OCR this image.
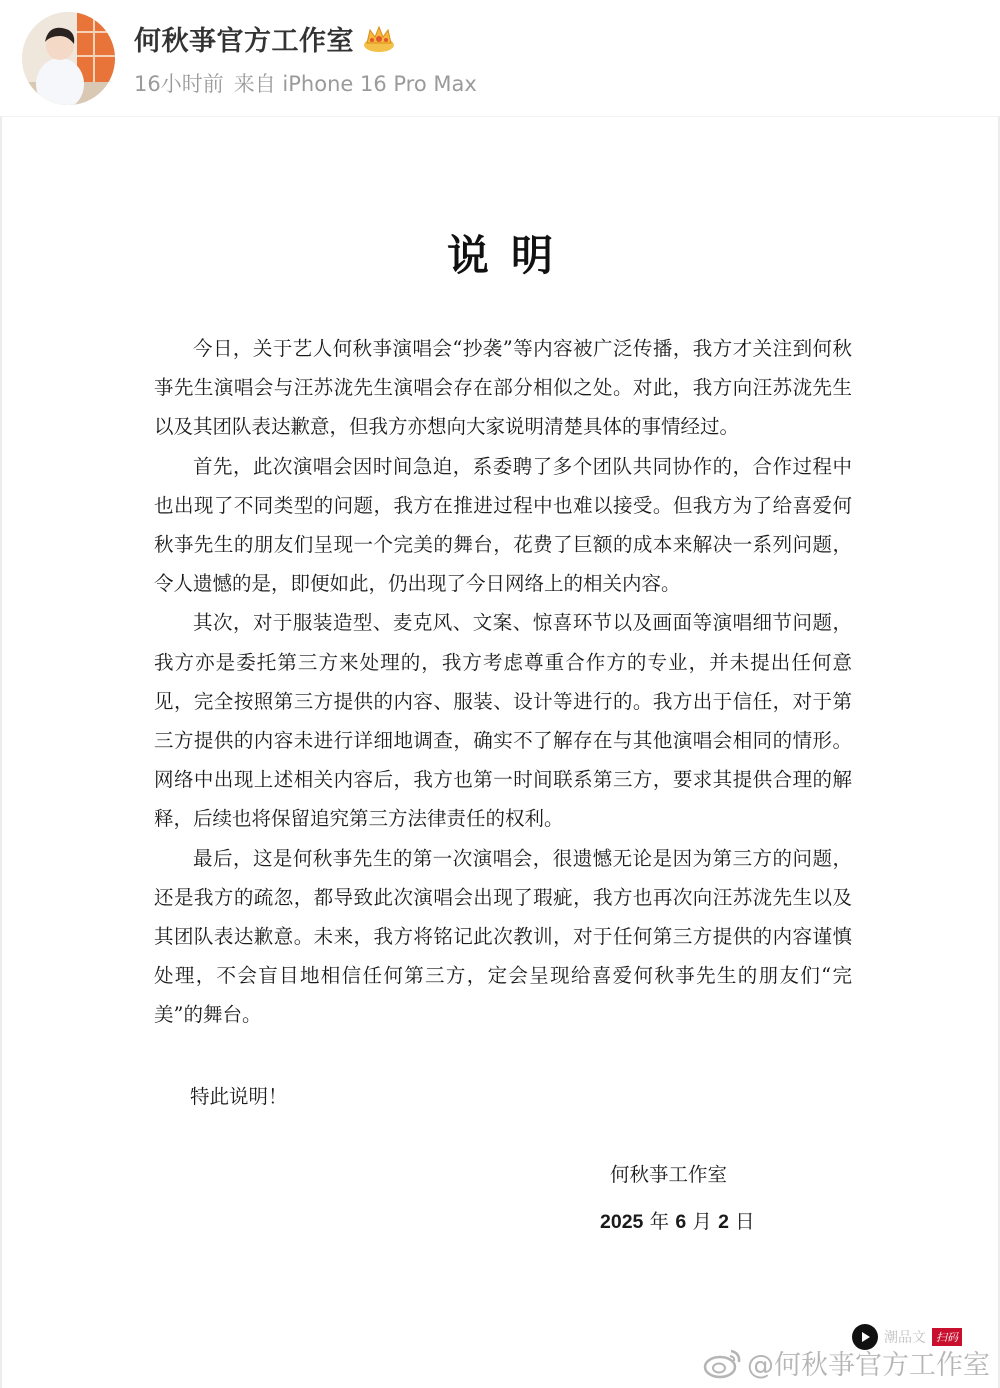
何秋亊官方工作室
16小时前 来自 iPhone 16 Pro Max
说明

今日，关于艺人何秋亊演唱会“抄袭”等内容被广泛传播，我方才关注到何秋亊先生演唱会与汪苏泷先生演唱会存在部分相似之处。对此，我方向汪苏泷先生以及其团队表达歉意，但我方亦想向大家说明清楚具体的事情经过。

首先，此次演唱会因时间急迫，系委聘了多个团队共同协作的，合作过程中也出现了不同类型的问题，我方在推进过程中也难以接受。但我方为了给喜爱何秋亊先生的朋友们呈现一个完美的舞台，花费了巨额的成本来解决一系列问题，令人遗憾的是，即便如此，仍出现了今日网络上的相关内容。

其次，对于服装造型、麦克风、文案、惊喜环节以及画面等演唱细节问题，我方亦是委托第三方来处理的，我方考虑尊重合作方的专业，并未提出任何意见，完全按照第三方提供的内容、服装、设计等进行的。我方出于信任，对于第三方提供的内容未进行详细地调查，确实不了解存在与其他演唱会相同的情形。网络中出现上述相关内容后，我方也第一时间联系第三方，要求其提供合理的解释，后续也将保留追究第三方法律责任的权利。

最后，这是何秋亊先生的第一次演唱会，很遗憾无论是因为第三方的问题，还是我方的疏忽，都导致此次演唱会出现了瑕疵，我方也再次向汪苏泷先生以及其团队表达歉意。未来，我方将铭记此次教训，对于任何第三方提供的内容谨慎处理，不会盲目地相信任何第三方，定会呈现给喜爱何秋亊先生的朋友们“完美”的舞台。

特此说明！
何秋亊工作室
2025 年 6 月 2 日
潮品文 扫码
@何秋亊官方工作室
